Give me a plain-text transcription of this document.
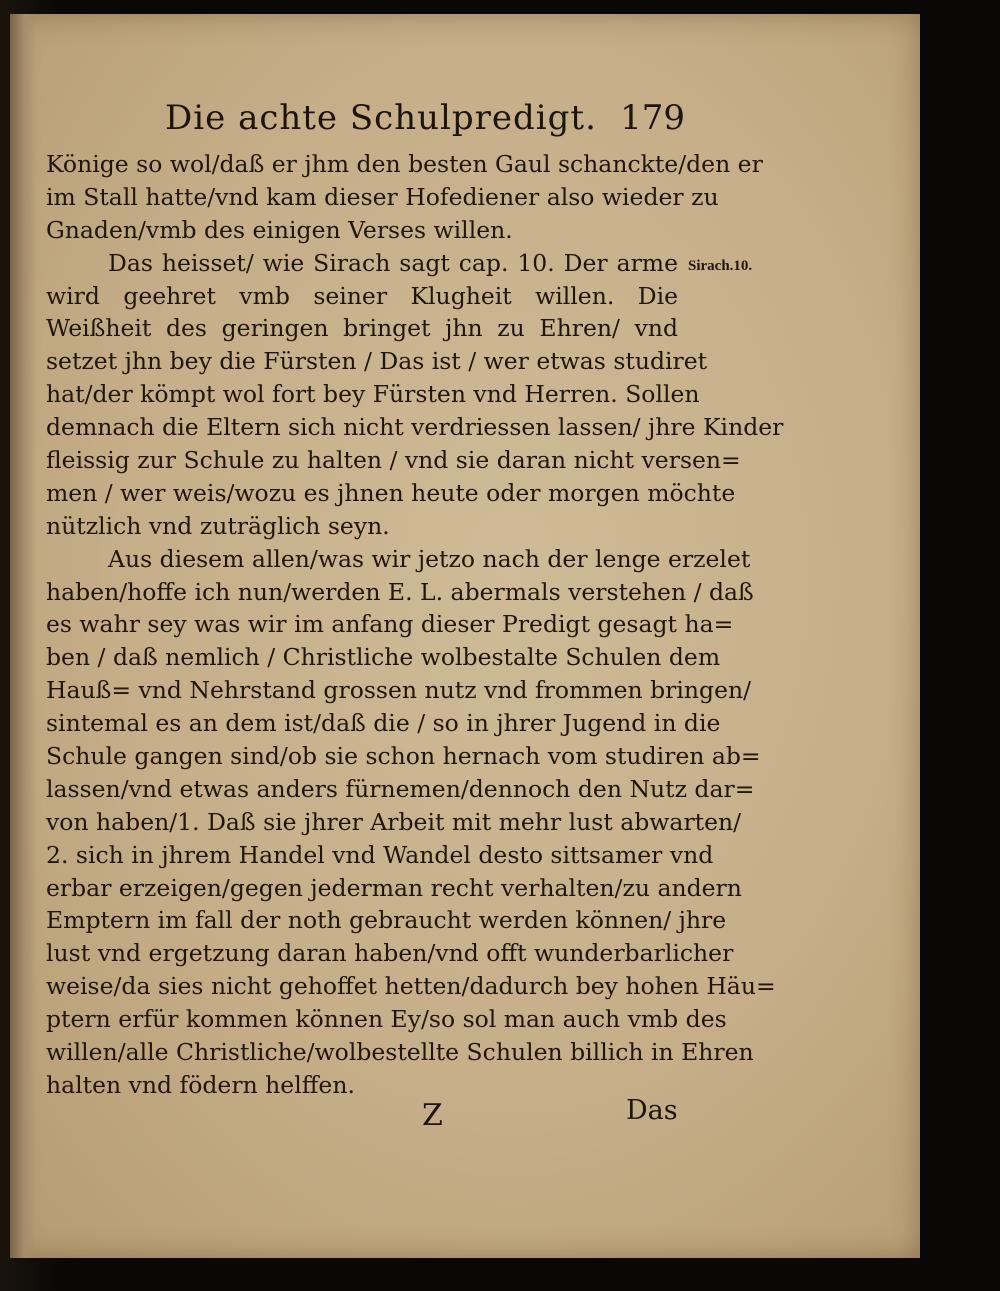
Die achte Schulpredigt. 179
Sirach.10.
Könige so wol/daß er jhm den besten Gaul schanckte/den er
im Stall hatte/vnd kam dieser Hofediener also wieder zu
Gnaden/vmb des einigen Verses willen.
Das heisset/ wie Sirach sagt cap. 10. Der arme
wird geehret vmb seiner Klugheit willen. Die
Weißheit des geringen bringet jhn zu Ehren/ vnd
setzet jhn bey die Fürsten / Das ist / wer etwas studiret
hat/der kömpt wol fort bey Fürsten vnd Herren. Sollen
demnach die Eltern sich nicht verdriessen lassen/ jhre Kinder
fleissig zur Schule zu halten / vnd sie daran nicht versen=
men / wer weis/wozu es jhnen heute oder morgen möchte
nützlich vnd zuträglich seyn.
Aus diesem allen/was wir jetzo nach der lenge erzelet
haben/hoffe ich nun/werden E. L. abermals verstehen / daß
es wahr sey was wir im anfang dieser Predigt gesagt ha=
ben / daß nemlich / Christliche wolbestalte Schulen dem
Hauß= vnd Nehrstand grossen nutz vnd frommen bringen/
sintemal es an dem ist/daß die / so in jhrer Jugend in die
Schule gangen sind/ob sie schon hernach vom studiren ab=
lassen/vnd etwas anders fürnemen/dennoch den Nutz dar=
von haben/1. Daß sie jhrer Arbeit mit mehr lust abwarten/
2. sich in jhrem Handel vnd Wandel desto sittsamer vnd
erbar erzeigen/gegen jederman recht verhalten/zu andern
Emptern im fall der noth gebraucht werden können/ jhre
lust vnd ergetzung daran haben/vnd offt wunderbarlicher
weise/da sies nicht gehoffet hetten/dadurch bey hohen Häu=
ptern erfür kommen können Ey/so sol man auch vmb des
willen/alle Christliche/wolbestellte Schulen billich in Ehren
halten vnd födern helffen.
Z	Das
